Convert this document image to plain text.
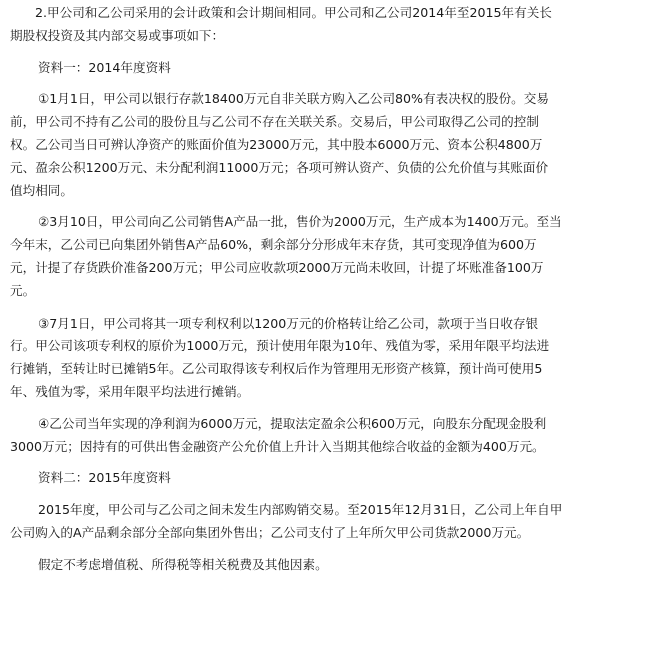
2.甲公司和乙公司采用的会计政策和会计期间相同。甲公司和乙公司2014年至2015年有关长
期股权投资及其内部交易或事项如下：
资料一：2014年度资料
①1月1日，甲公司以银行存款18400万元自非关联方购入乙公司80%有表决权的股份。交易
前，甲公司不持有乙公司的股份且与乙公司不存在关联关系。交易后，甲公司取得乙公司的控制
权。乙公司当日可辨认净资产的账面价值为23000万元，其中股本6000万元、资本公积4800万
元、盈余公积1200万元、未分配利润11000万元；各项可辨认资产、负债的公允价值与其账面价
值均相同。
②3月10日，甲公司向乙公司销售A产品一批，售价为2000万元，生产成本为1400万元。至当
今年末，乙公司已向集团外销售A产品60%，剩余部分分形成年末存货，其可变现净值为600万
元，计提了存货跌价准备200万元；甲公司应收款项2000万元尚未收回，计提了坏账准备100万
元。
③7月1日，甲公司将其一项专利权利以1200万元的价格转让给乙公司，款项于当日收存银
行。甲公司该项专利权的原价为1000万元，预计使用年限为10年、残值为零，采用年限平均法进
行摊销，至转让时已摊销5年。乙公司取得该专利权后作为管理用无形资产核算，预计尚可使用5
年、残值为零，采用年限平均法进行摊销。
④乙公司当年实现的净利润为6000万元，提取法定盈余公积600万元，向股东分配现金股利
3000万元；因持有的可供出售金融资产公允价值上升计入当期其他综合收益的金额为400万元。
资料二：2015年度资料
2015年度，甲公司与乙公司之间未发生内部购销交易。至2015年12月31日，乙公司上年自甲
公司购入的A产品剩余部分全部向集团外售出；乙公司支付了上年所欠甲公司货款2000万元。
假定不考虑增值税、所得税等相关税费及其他因素。
